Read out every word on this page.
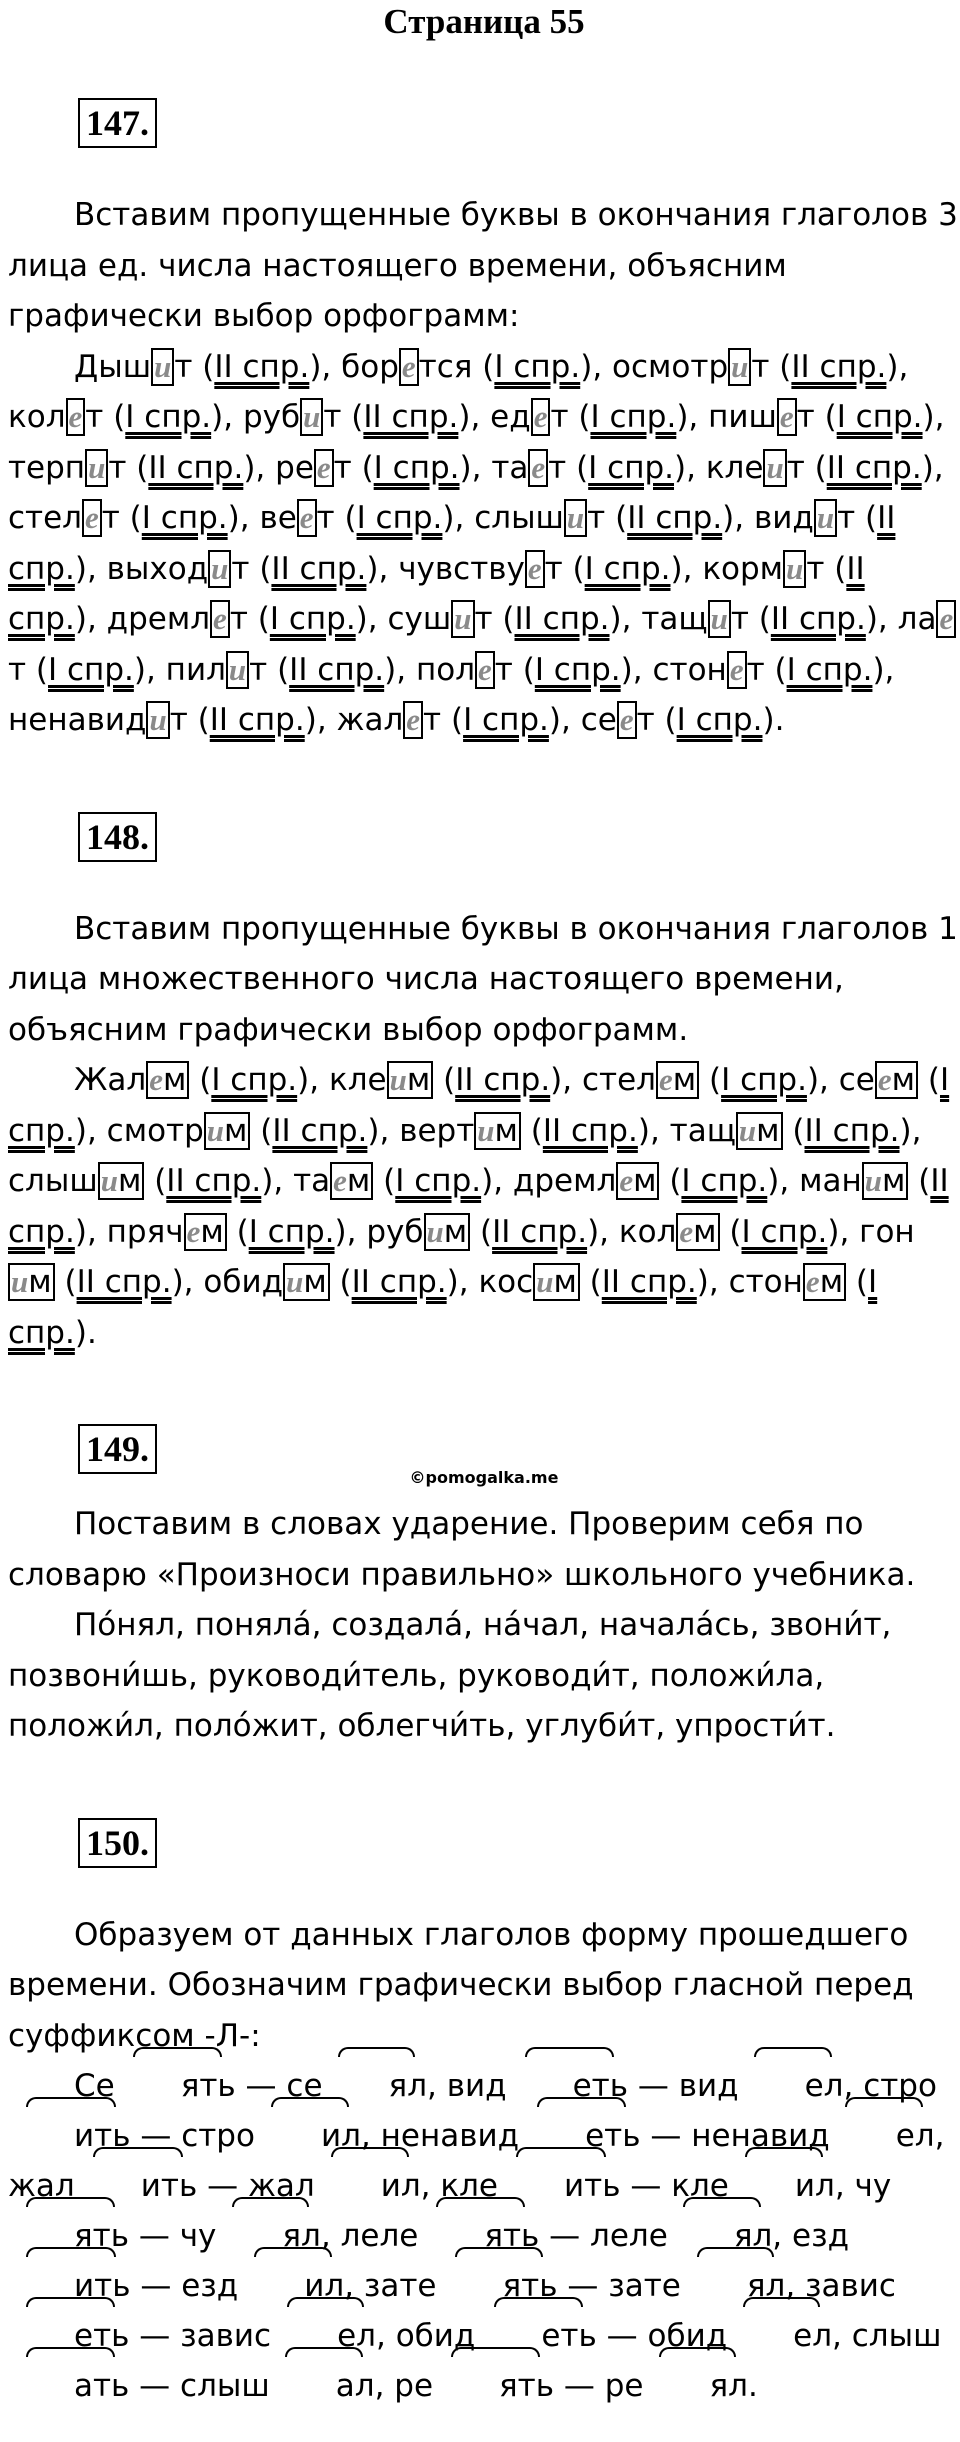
Страница 55
147.

Вставим пропущенные буквы в окончания глаголов 3 лица ед. числа настоящего времени, объясним графически выбор орфограмм:

Дышит (II спр.), борется (I спр.), осмотрит (II спр.), колет (I спр.), рубит (II спр.), едет (I спр.), пишет (I спр.), терпит (II спр.), реет (I спр.), тает (I спр.), клеит (II спр.), стелет (I спр.), веет (I спр.), слышит (II спр.), видит (II спр.), выходит (II спр.), чувствует (I спр.), кормит (II спр.), дремлет (I спр.), сушит (II спр.), тащит (II спр.), лает (I спр.), пилит (II спр.), полет (I спр.), стонет (I спр.), ненавидит (II спр.), жалет (I спр.), сеет (I спр.).

148.

Вставим пропущенные буквы в окончания глаголов 1 лица множественного числа настоящего времени, объясним графически выбор орфограмм.

Жалем (I спр.), клеим (II спр.), стелем (I спр.), сеем (I спр.), смотрим (II спр.), вертим (II спр.), тащим (II спр.), слышим (II спр.), таем (I спр.), дремлем (I спр.), маним (II спр.), прячем (I спр.), рубим (II спр.), колем (I спр.), гоним (II спр.), обидим (II спр.), косим (II спр.), стонем (I спр.).

149.

©pomogalka.me

Поставим в словах ударение. Проверим себя по словарю «Произноси правильно» школьного учебника.

По́нял, поняла́, создала́, на́чал, начала́сь, звони́т, позвони́шь, руководи́тель, руководи́т, положи́ла, положи́л, поло́жит, облегчи́ть, углуби́т, упрости́т.

150.

Образуем от данных глаголов форму прошедшего времени. Обозначим графически выбор гласной перед суффиксом -Л-:

Се ять — се ял, вид еть — вид ел, строить — стро ил, ненавид еть — ненавид ел, жал ить — жал ил, кле ить — кле ил, чуять — чу ял, леле ять — леле ял, ездить — езд ил, зате ять — зате ял, зависеть — завис ел, обид еть — обид ел, слышать — слыш ал, ре ять — ре ял.
